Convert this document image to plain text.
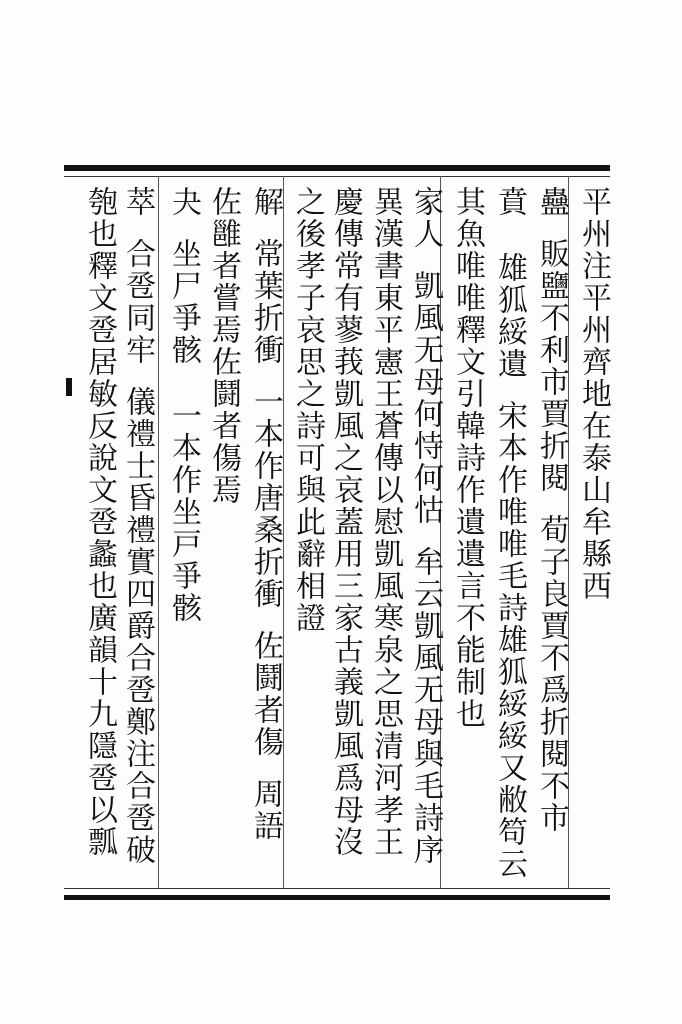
平州注平州齊地在泰山牟縣西
蠱販鹽不利市賈折閱荀子良賈不爲折閱不市
賁雄狐綏遺宋本作唯唯毛詩雄狐綏綏又敝笱云
其魚唯唯釋文引韓詩作遺遺言不能制也
家人凱風无母何恃何怙牟云凱風无母與毛詩序
異漢書東平憲王蒼傳以慰凱風寒泉之思清河孝王
慶傳常有蓼莪凱風之哀蓋用三家古義凱風爲母沒
之後孝子哀思之詩可與此辭相證
解常葉折衝一本作唐桑折衝佐鬪者傷周語
佐雝者嘗焉佐鬪者傷焉
夬坐尸爭骸一本作坐戸爭骸
萃合卺同牢儀禮士昏禮實四爵合卺鄭注合卺破
匏也釋文卺居敏反說文卺蠡也廣韻十九隱卺以瓢
